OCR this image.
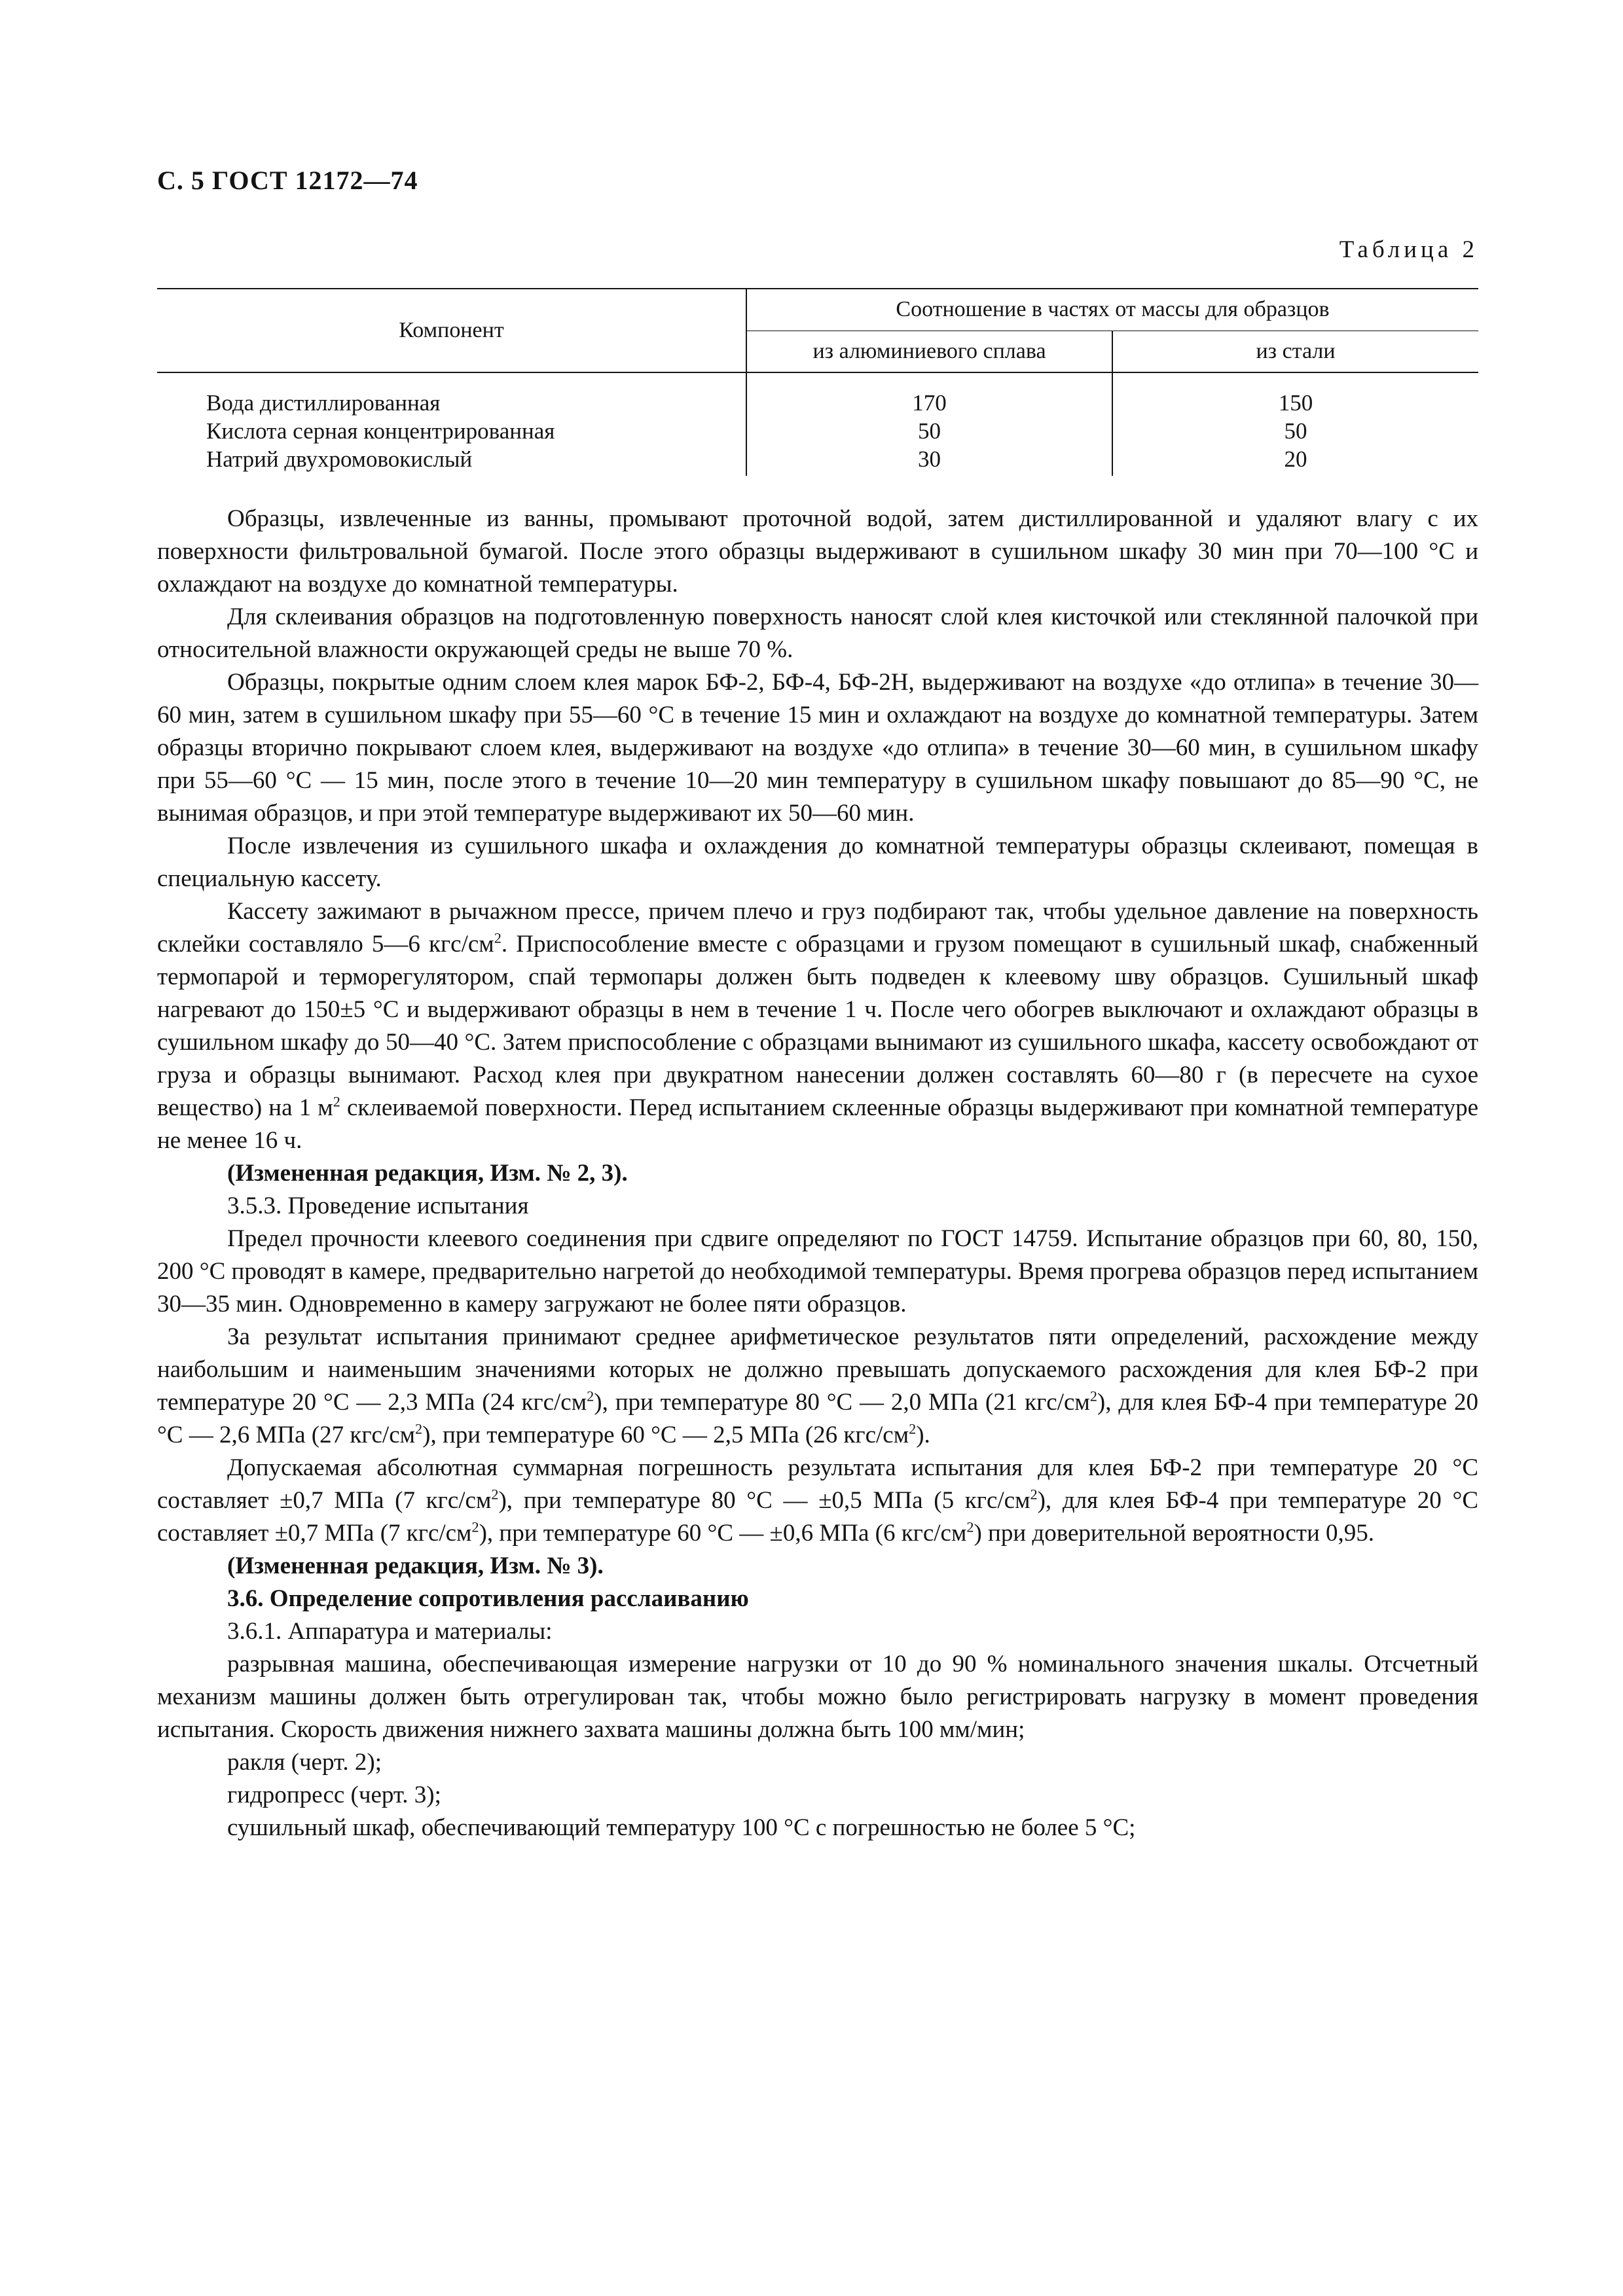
С. 5 ГОСТ 12172—74
Таблица 2
Компонент	Соотношение в частях от массы для образцов	
	из алюминиевого сплава	из стали
Вода дистиллированная	170	150
Кислота серная концентрированная	50	50
Натрий двухромовокислый	30	20

Образцы, извлеченные из ванны, промывают проточной водой, затем дистиллированной и удаляют влагу с их поверхности фильтровальной бумагой. После этого образцы выдерживают в сушильном шкафу 30 мин при 70—100 °С и охлаждают на воздухе до комнатной температуры.

Для склеивания образцов на подготовленную поверхность наносят слой клея кисточкой или стеклянной палочкой при относительной влажности окружающей среды не выше 70 %.

Образцы, покрытые одним слоем клея марок БФ-2, БФ-4, БФ-2Н, выдерживают на воздухе «до отлипа» в течение 30—60 мин, затем в сушильном шкафу при 55—60 °С в течение 15 мин и охлаждают на воздухе до комнатной температуры. Затем образцы вторично покрывают слоем клея, выдерживают на воздухе «до отлипа» в течение 30—60 мин, в сушильном шкафу при 55—60 °С — 15 мин, после этого в течение 10—20 мин температуру в сушильном шкафу повышают до 85—90 °С, не вынимая образцов, и при этой температуре выдерживают их 50—60 мин.

После извлечения из сушильного шкафа и охлаждения до комнатной температуры образцы склеивают, помещая в специальную кассету.

Кассету зажимают в рычажном прессе, причем плечо и груз подбирают так, чтобы удельное давление на поверхность склейки составляло 5—6 кгс/$см^2$. Приспособление вместе с образцами и грузом помещают в сушильный шкаф, снабженный термопарой и терморегулятором, спай термопары должен быть подведен к клеевому шву образцов. Сушильный шкаф нагревают до 150±5 °С и выдерживают образцы в нем в течение 1 ч. После чего обогрев выключают и охлаждают образцы в сушильном шкафу до 50—40 °С. Затем приспособление с образцами вынимают из сушильного шкафа, кассету освобождают от груза и образцы вынимают. Расход клея при двукратном нанесении должен составлять 60—80 г (в пересчете на сухое вещество) на 1 $м^2$ склеиваемой поверхности. Перед испытанием склеенные образцы выдерживают при комнатной температуре не менее 16 ч.

(Измененная редакция, Изм. № 2, 3).

3.5.3. Проведение испытания

Предел прочности клеевого соединения при сдвиге определяют по ГОСТ 14759. Испытание образцов при 60, 80, 150, 200 °С проводят в камере, предварительно нагретой до необходимой температуры. Время прогрева образцов перед испытанием 30—35 мин. Одновременно в камеру загружают не более пяти образцов.

За результат испытания принимают среднее арифметическое результатов пяти определений, расхождение между наибольшим и наименьшим значениями которых не должно превышать допускаемого расхождения для клея БФ-2 при температуре 20 °С — 2,3 МПа (24 кгс/$см^2$), при температуре 80 °С — 2,0 МПа (21 кгс/$см^2$), для клея БФ-4 при температуре 20 °С — 2,6 МПа (27 кгс/$см^2$), при температуре 60 °С — 2,5 МПа (26 кгс/$см^2$).

Допускаемая абсолютная суммарная погрешность результата испытания для клея БФ-2 при температуре 20 °С составляет ±0,7 МПа (7 кгс/$см^2$), при температуре 80 °С — ±0,5 МПа (5 кгс/$см^2$), для клея БФ-4 при температуре 20 °С составляет ±0,7 МПа (7 кгс/$см^2$), при температуре 60 °С — ±0,6 МПа (6 кгс/$см^2$) при доверительной вероятности 0,95.

(Измененная редакция, Изм. № 3).

3.6. Определение сопротивления расслаиванию

3.6.1. Аппаратура и материалы:

разрывная машина, обеспечивающая измерение нагрузки от 10 до 90 % номинального значения шкалы. Отсчетный механизм машины должен быть отрегулирован так, чтобы можно было регистрировать нагрузку в момент проведения испытания. Скорость движения нижнего захвата машины должна быть 100 мм/мин;

ракля (черт. 2);

гидропресс (черт. 3);

сушильный шкаф, обеспечивающий температуру 100 °С с погрешностью не более 5 °С;
